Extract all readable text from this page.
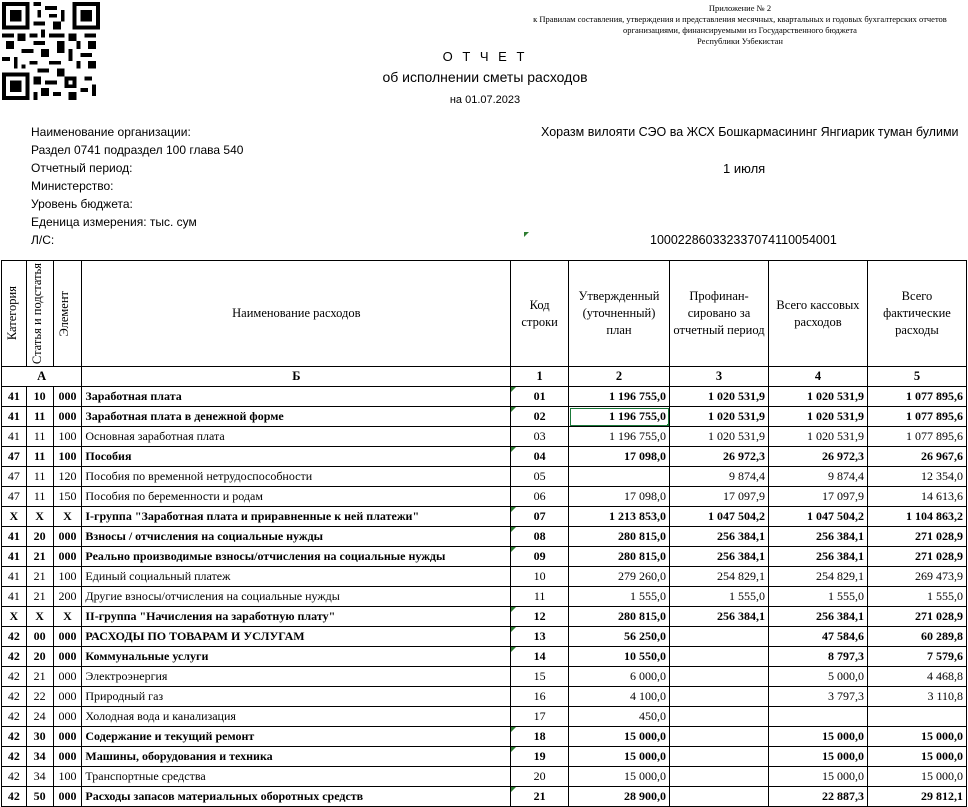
Приложение № 2
к Правилам составления, утверждения и представления месячных, квартальных и годовых бухгалтерских отчетов
организациями, финансируемыми из Государственного бюджета
Республики Узбекистан
О Т Ч Е Т
об исполнении сметы расходов
на 01.07.2023
Наименование организации:	Хоразм вилояти СЭО ва ЖСХ Бошкармасининг Янгиарик туман булими
Раздел 0741 подраздел 100 глава 540
Отчетный период:	1 июля
Министерство:
Уровень бюджета:
Еденица измерения: тыс. сум
Л/С:	100022860332337074110054001
Категория	Статья и подстатья	Элемент	Наименование расходов	Код строки	Утвержденный (уточненный) план	Профинан-сировано за отчетный период	Всего кассовых расходов	Всего фактические расходы

А			Б	1	2	3	4	5
41	10	000	Заработная плата	01	1 196 755,0	1 020 531,9	1 020 531,9	1 077 895,6
41	11	000	Заработная плата в денежной форме	02	1 196 755,0	1 020 531,9	1 020 531,9	1 077 895,6
41	11	100	Основная заработная плата	03	1 196 755,0	1 020 531,9	1 020 531,9	1 077 895,6
47	11	100	Пособия	04	17 098,0	26 972,3	26 972,3	26 967,6
47	11	120	Пособия по временной нетрудоспособности	05		9 874,4	9 874,4	12 354,0
47	11	150	Пособия по беременности и родам	06	17 098,0	17 097,9	17 097,9	14 613,6
X	X	X	I-группа "Заработная плата и приравненные к ней платежи"	07	1 213 853,0	1 047 504,2	1 047 504,2	1 104 863,2
41	20	000	Взносы / отчисления на социальные нужды	08	280 815,0	256 384,1	256 384,1	271 028,9
41	21	000	Реально производимые взносы/отчисления на социальные нужды	09	280 815,0	256 384,1	256 384,1	271 028,9
41	21	100	Единый социальный платеж	10	279 260,0	254 829,1	254 829,1	269 473,9
41	21	200	Другие взносы/отчисления на социальные нужды	11	1 555,0	1 555,0	1 555,0	1 555,0
X	X	X	II-группа "Начисления на заработную плату"	12	280 815,0	256 384,1	256 384,1	271 028,9
42	00	000	РАСХОДЫ ПО ТОВАРАМ И УСЛУГАМ	13	56 250,0		47 584,6	60 289,8
42	20	000	Коммунальные услуги	14	10 550,0		8 797,3	7 579,6
42	21	000	Электроэнергия	15	6 000,0		5 000,0	4 468,8
42	22	000	Природный газ	16	4 100,0		3 797,3	3 110,8
42	24	000	Холодная вода и канализация	17	450,0			
42	30	000	Содержание и текущий ремонт	18	15 000,0		15 000,0	15 000,0
42	34	000	Машины, оборудования и техника	19	15 000,0		15 000,0	15 000,0
42	34	100	Транспортные средства	20	15 000,0		15 000,0	15 000,0
42	50	000	Расходы запасов материальных оборотных средств	21	28 900,0		22 887,3	29 812,1
